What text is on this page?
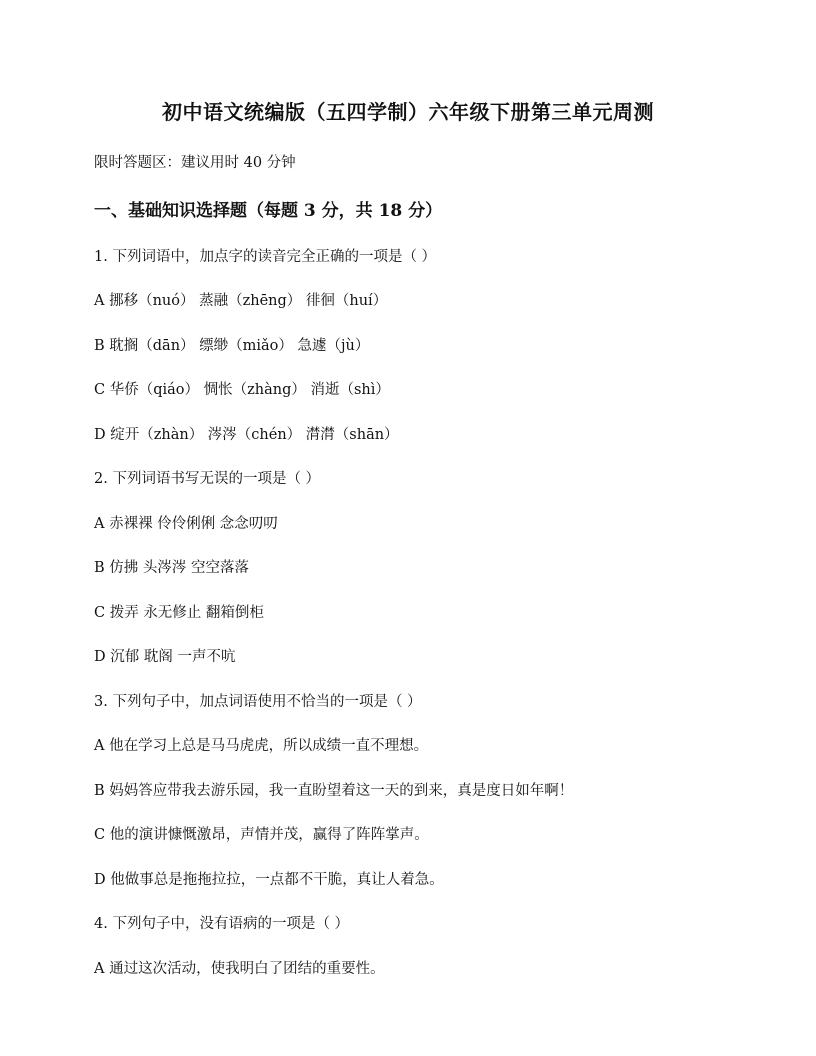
初中语文统编版（五四学制）六年级下册第三单元周测
限时答题区：建议用时 40 分钟
一、基础知识选择题（每题 3 分，共 18 分）
1. 下列词语中，加点字的读音完全正确的一项是（ ）
A 挪移（nuó） 蒸融（zhēng） 徘徊（huí）
B 耽搁（dān） 缥缈（miǎo） 急遽（jù）
C 华侨（qiáo） 惆怅（zhàng） 消逝（shì）
D 绽开（zhàn） 涔涔（chén） 潸潸（shān）
2. 下列词语书写无误的一项是（ ）
A 赤裸裸 伶伶俐俐 念念叨叨
B 仿拂 头涔涔 空空落落
C 拨弄 永无修止 翻箱倒柜
D 沉郁 耽阁 一声不吭
3. 下列句子中，加点词语使用不恰当的一项是（ ）
A 他在学习上总是马马虎虎，所以成绩一直不理想。
B 妈妈答应带我去游乐园，我一直盼望着这一天的到来，真是度日如年啊！
C 他的演讲慷慨激昂，声情并茂，赢得了阵阵掌声。
D 他做事总是拖拖拉拉，一点都不干脆，真让人着急。
4. 下列句子中，没有语病的一项是（ ）
A 通过这次活动，使我明白了团结的重要性。
